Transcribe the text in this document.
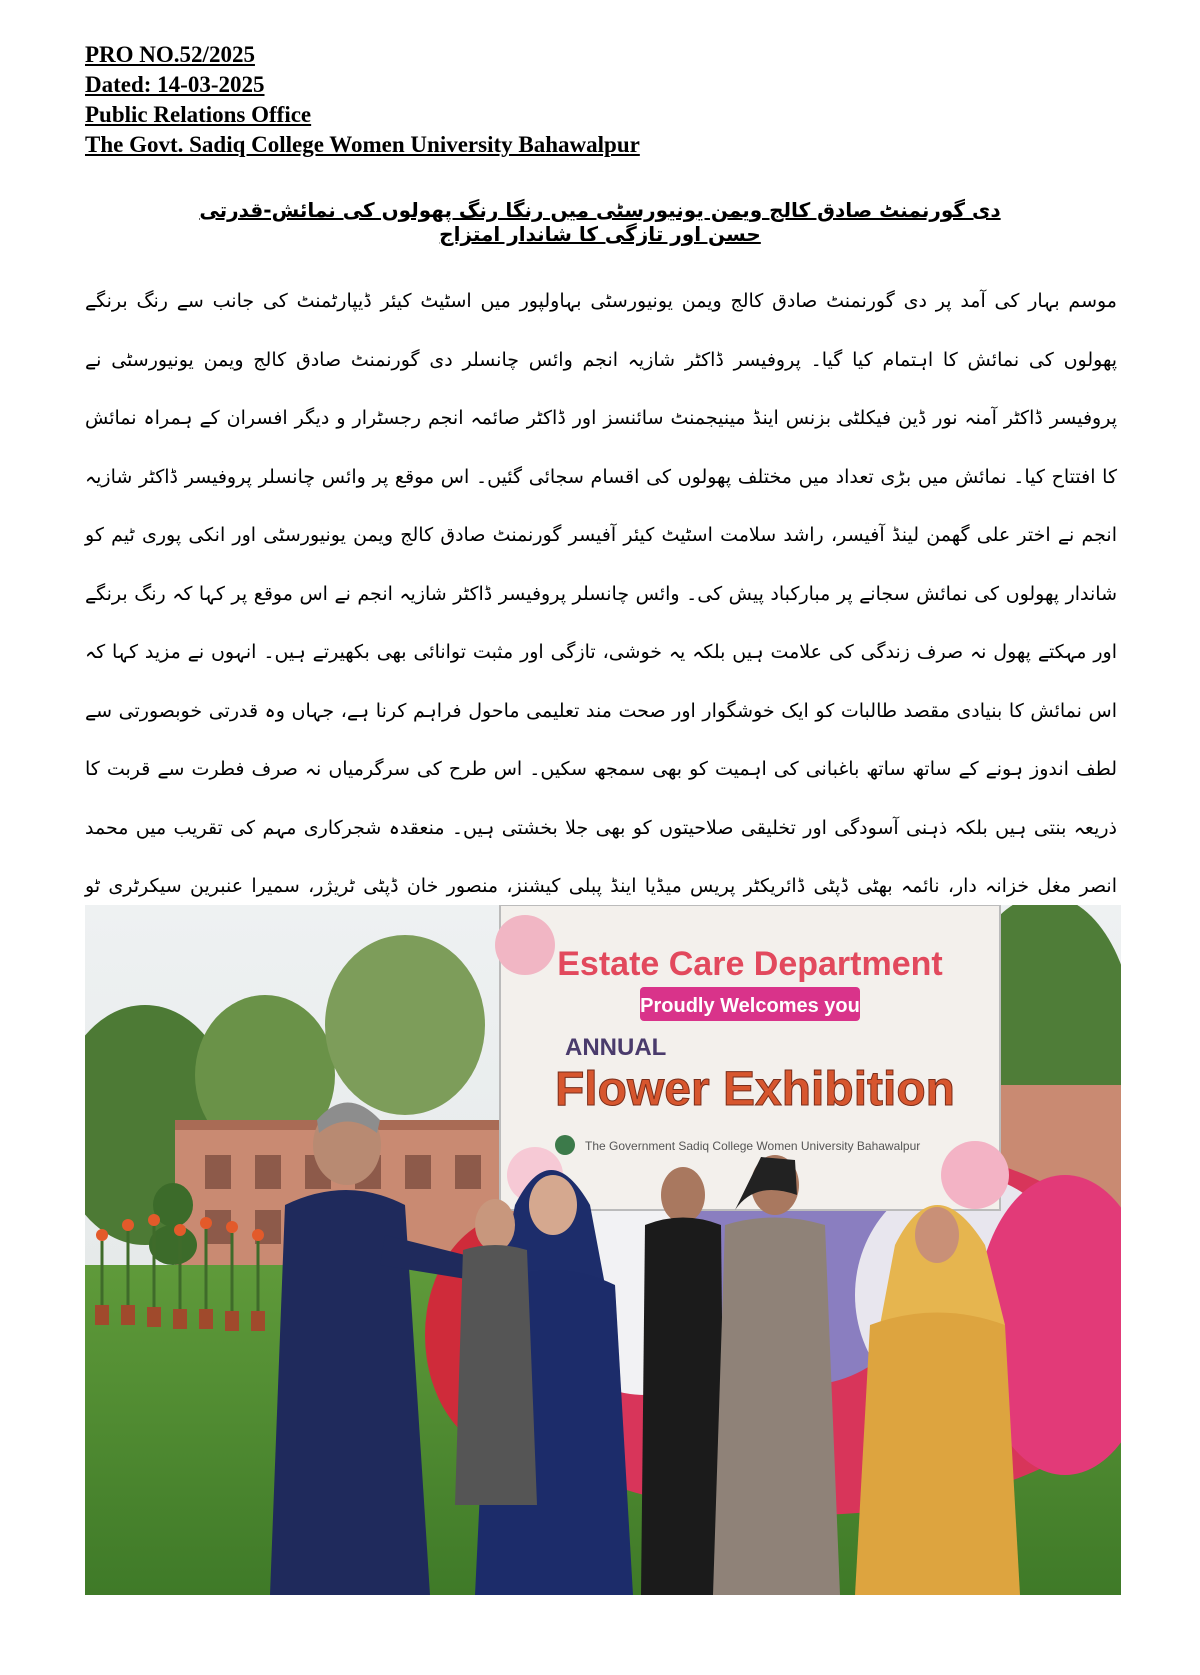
PRO NO.52/2025
Dated: 14-03-2025
Public Relations Office
The Govt. Sadiq College Women University Bahawalpur
دی گورنمنٹ صادق کالج ویمن یونیورسٹی میں رنگا رنگ پھولوں کی نمائش-قدرتی حسن اور تازگی کا شاندار امتزاج
موسم بہار کی آمد پر دی گورنمنٹ صادق کالج ویمن یونیورسٹی بہاولپور میں اسٹیٹ کیئر ڈیپارٹمنٹ کی جانب سے رنگ برنگے پھولوں کی نمائش کا اہتمام کیا گیا۔ پروفیسر ڈاکٹر شازیہ انجم وائس چانسلر دی گورنمنٹ صادق کالج ویمن یونیورسٹی نے پروفیسر ڈاکٹر آمنہ نور ڈین فیکلٹی بزنس اینڈ مینیجمنٹ سائنسز اور ڈاکٹر صائمہ انجم رجسٹرار و دیگر افسران کے ہمراہ نمائش کا افتتاح کیا۔ نمائش میں بڑی تعداد میں مختلف پھولوں کی اقسام سجائی گئیں۔ اس موقع پر وائس چانسلر پروفیسر ڈاکٹر شازیہ انجم نے اختر علی گھمن لینڈ آفیسر، راشد سلامت اسٹیٹ کیئر آفیسر گورنمنٹ صادق کالج ویمن یونیورسٹی اور انکی پوری ٹیم کو شاندار پھولوں کی نمائش سجانے پر مبارکباد پیش کی۔ وائس چانسلر پروفیسر ڈاکٹر شازیہ انجم نے اس موقع پر کہا کہ رنگ برنگے اور مہکتے پھول نہ صرف زندگی کی علامت ہیں بلکہ یہ خوشی، تازگی اور مثبت توانائی بھی بکھیرتے ہیں۔ انہوں نے مزید کہا کہ اس نمائش کا بنیادی مقصد طالبات کو ایک خوشگوار اور صحت مند تعلیمی ماحول فراہم کرنا ہے، جہاں وہ قدرتی خوبصورتی سے لطف اندوز ہونے کے ساتھ ساتھ باغبانی کی اہمیت کو بھی سمجھ سکیں۔ اس طرح کی سرگرمیاں نہ صرف فطرت سے قربت کا ذریعہ بنتی ہیں بلکہ ذہنی آسودگی اور تخلیقی صلاحیتوں کو بھی جلا بخشتی ہیں۔ منعقدہ شجرکاری مہم کی تقریب میں محمد انصر مغل خزانہ دار، نائمہ بھٹی ڈپٹی ڈائریکٹر پریس میڈیا اینڈ پبلی کیشنز، منصور خان ڈپٹی ٹریژر، سمیرا عنبرین سیکرٹری ٹو
Estate Care Department
Proudly Welcomes you
ANNUAL
Flower Exhibition
The Government Sadiq College Women University Bahawalpur
